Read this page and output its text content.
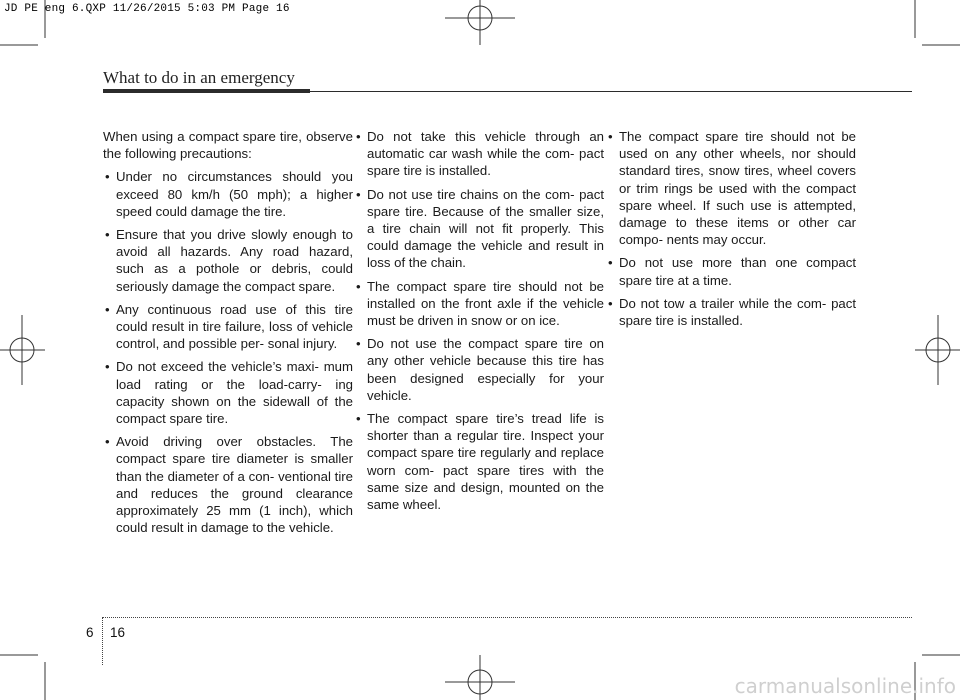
JD PE eng 6.QXP 11/26/2015 5:03 PM Page 16
What to do in an emergency

When using a compact spare tire, observe the following precautions:

• Under no circumstances should you exceed 80 km/h (50 mph); a higher speed could damage the tire.
• Ensure that you drive slowly enough to avoid all hazards. Any road hazard, such as a pothole or debris, could seriously damage the compact spare.
• Any continuous road use of this tire could result in tire failure, loss of vehicle control, and possible per- sonal injury.
• Do not exceed the vehicle’s maxi- mum load rating or the load-carry- ing capacity shown on the sidewall of the compact spare tire.
• Avoid driving over obstacles. The compact spare tire diameter is smaller than the diameter of a con- ventional tire and reduces the ground clearance approximately 25 mm (1 inch), which could result in damage to the vehicle.
• Do not take this vehicle through an automatic car wash while the com- pact spare tire is installed.
• Do not use tire chains on the com- pact spare tire. Because of the smaller size, a tire chain will not fit properly. This could damage the vehicle and result in loss of the chain.
• The compact spare tire should not be installed on the front axle if the vehicle must be driven in snow or on ice.
• Do not use the compact spare tire on any other vehicle because this tire has been designed especially for your vehicle.
• The compact spare tire’s tread life is shorter than a regular tire. Inspect your compact spare tire regularly and replace worn com- pact spare tires with the same size and design, mounted on the same wheel.
• The compact spare tire should not be used on any other wheels, nor should standard tires, snow tires, wheel covers or trim rings be used with the compact spare wheel. If such use is attempted, damage to these items or other car compo- nents may occur.
• Do not use more than one compact spare tire at a time.
• Do not tow a trailer while the com- pact spare tire is installed.
6 16
carmanualsonline.info
